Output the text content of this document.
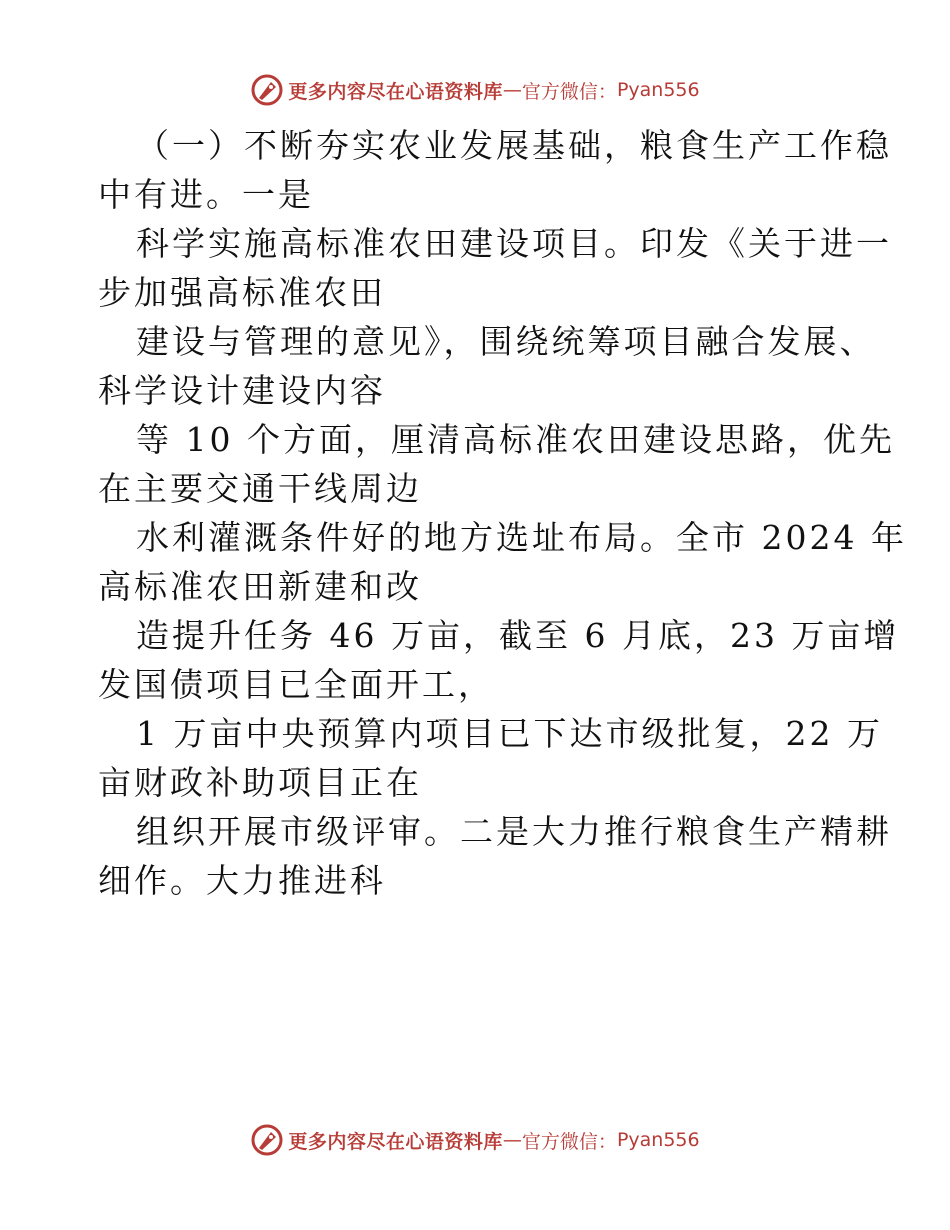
更多内容尽在心语资料库 — 官方微信： Pyan556
（一）不断夯实农业发展基础，粮食生产工作稳
中有进。一是
科学实施高标准农田建设项目。印发《关于进一
步加强高标准农田
建设与管理的意见》，围绕统筹项目融合发展、
科学设计建设内容
等 10 个方面，厘清高标准农田建设思路，优先
在主要交通干线周边
水利灌溉条件好的地方选址布局。全市 2024 年
高标准农田新建和改
造提升任务 46 万亩，截至 6 月底，23 万亩增
发国债项目已全面开工，
1 万亩中央预算内项目已下达市级批复，22 万
亩财政补助项目正在
组织开展市级评审。二是大力推行粮食生产精耕
细作。大力推进科
更多内容尽在心语资料库 — 官方微信： Pyan556
